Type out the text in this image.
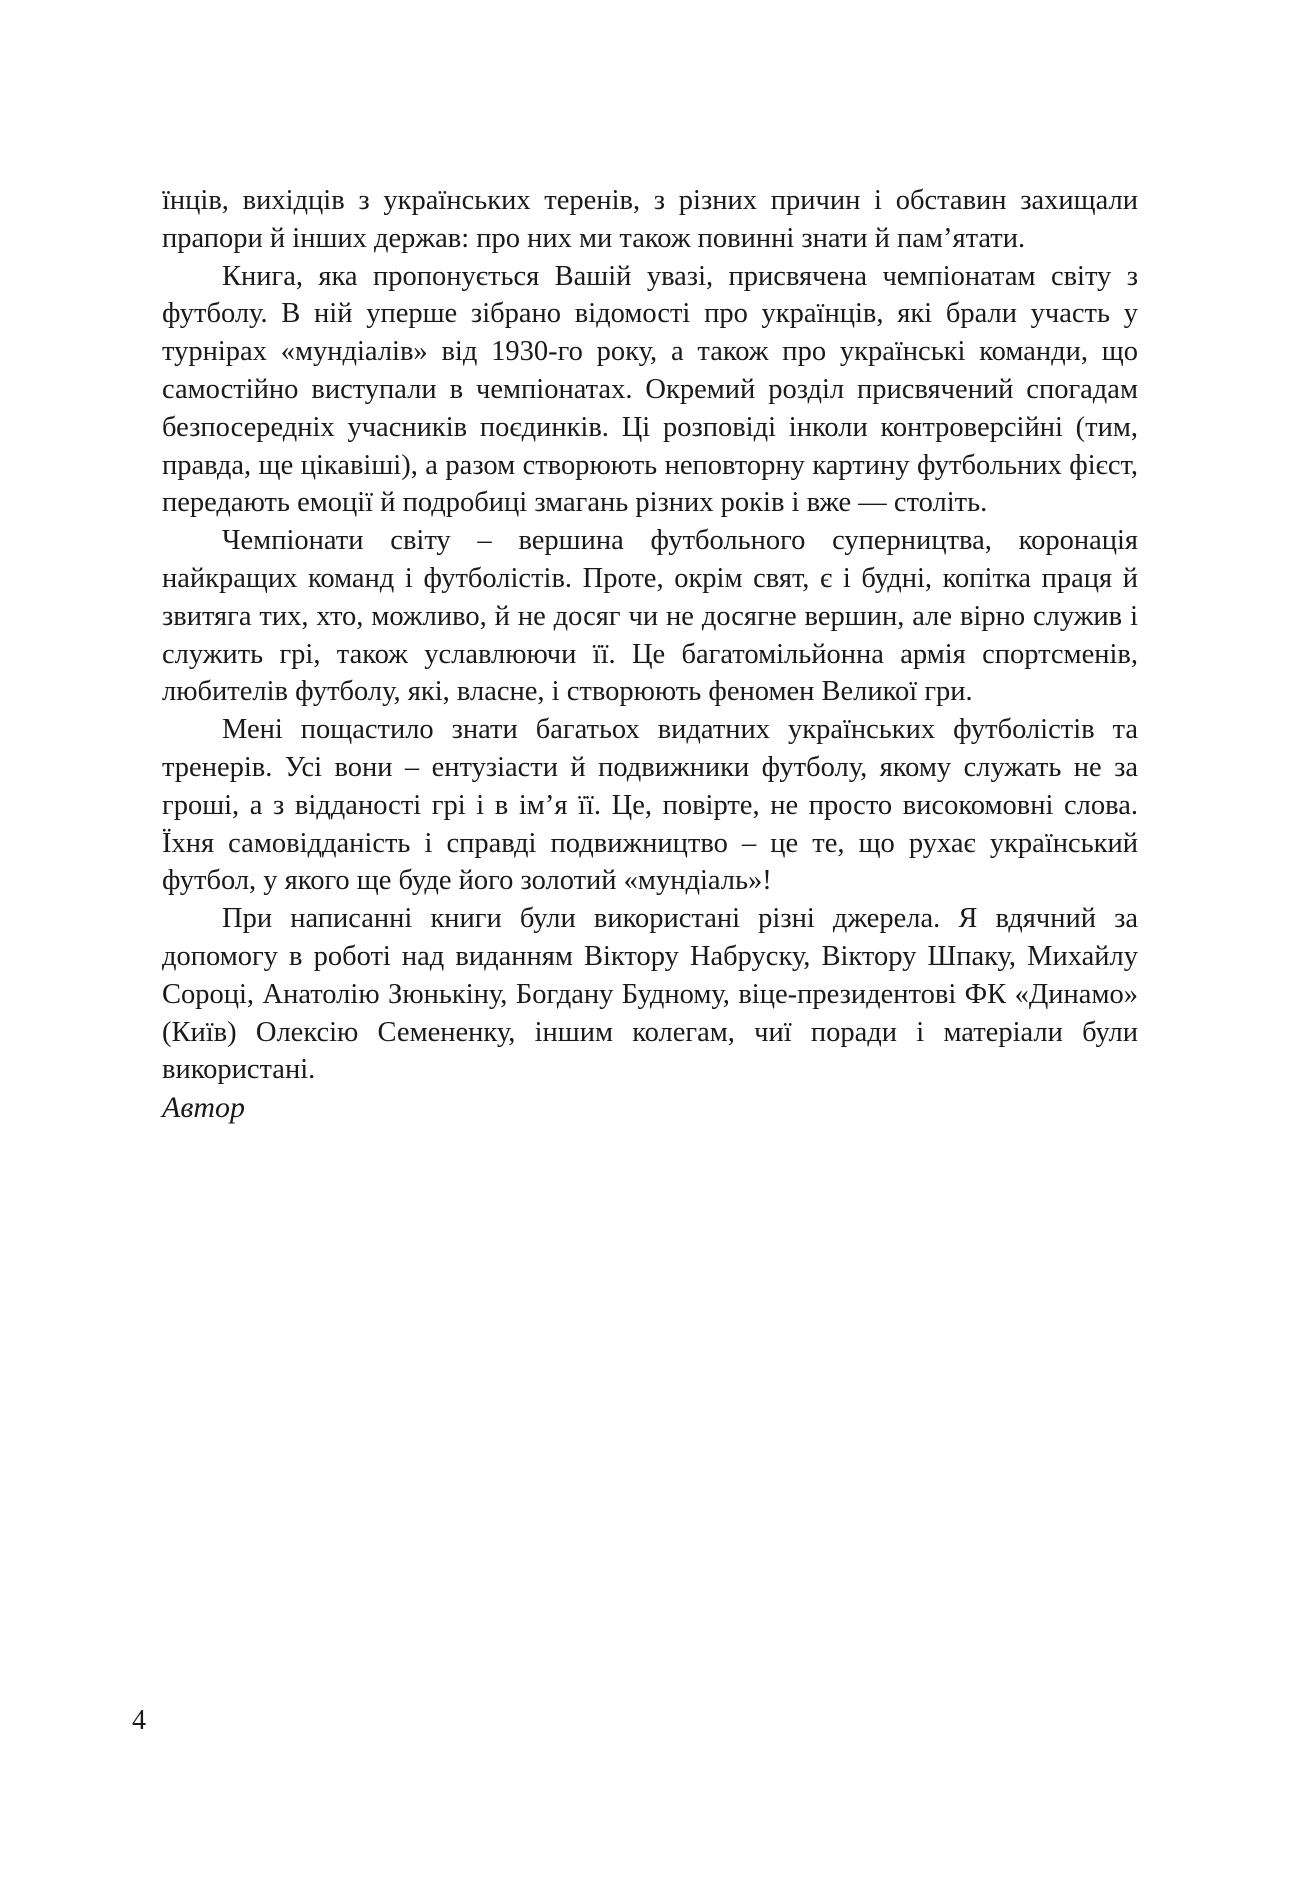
їнців, вихідців з українських теренів, з різних причин і обставин захищали прапори й інших держав: про них ми також повинні знати й пам’ятати.

Книга, яка пропонується Вашій увазі, присвячена чемпіонатам світу з футболу. В ній уперше зібрано відомості про українців, які брали участь у турнірах «мундіалів» від 1930-го року, а також про українські команди, що самостійно виступали в чемпіонатах. Окремий розділ присвячений спогадам безпосередніх учасників поєдинків. Ці розповіді інколи контроверсійні (тим, правда, ще цікавіші), а разом створюють неповторну картину футбольних фієст, передають емоції й подробиці змагань різних років і вже — століть.

Чемпіонати світу – вершина футбольного суперництва, коронація найкращих команд і футболістів. Проте, окрім свят, є і будні, копітка праця й звитяга тих, хто, можливо, й не досяг чи не досягне вершин, але вірно служив і служить грі, також уславлюючи її. Це багатомільйонна армія спортсменів, любителів футболу, які, власне, і створюють феномен Великої гри.

Мені пощастило знати багатьох видатних українських футболістів та тренерів. Усі вони – ентузіасти й подвижники футболу, якому служать не за гроші, а з відданості грі і в ім’я її. Це, повірте, не просто високомовні слова. Їхня самовідданість і справді подвижництво – це те, що рухає український футбол, у якого ще буде його золотий «мундіаль»!

При написанні книги були використані різні джерела. Я вдячний за допомогу в роботі над виданням Віктору Набруску, Віктору Шпаку, Михайлу Сороці, Анатолію Зюнькіну, Богдану Будному, віце-президентові ФК «Динамо» (Київ) Олексію Семененку, іншим колегам, чиї поради і матеріали були використані.

Автор

4
